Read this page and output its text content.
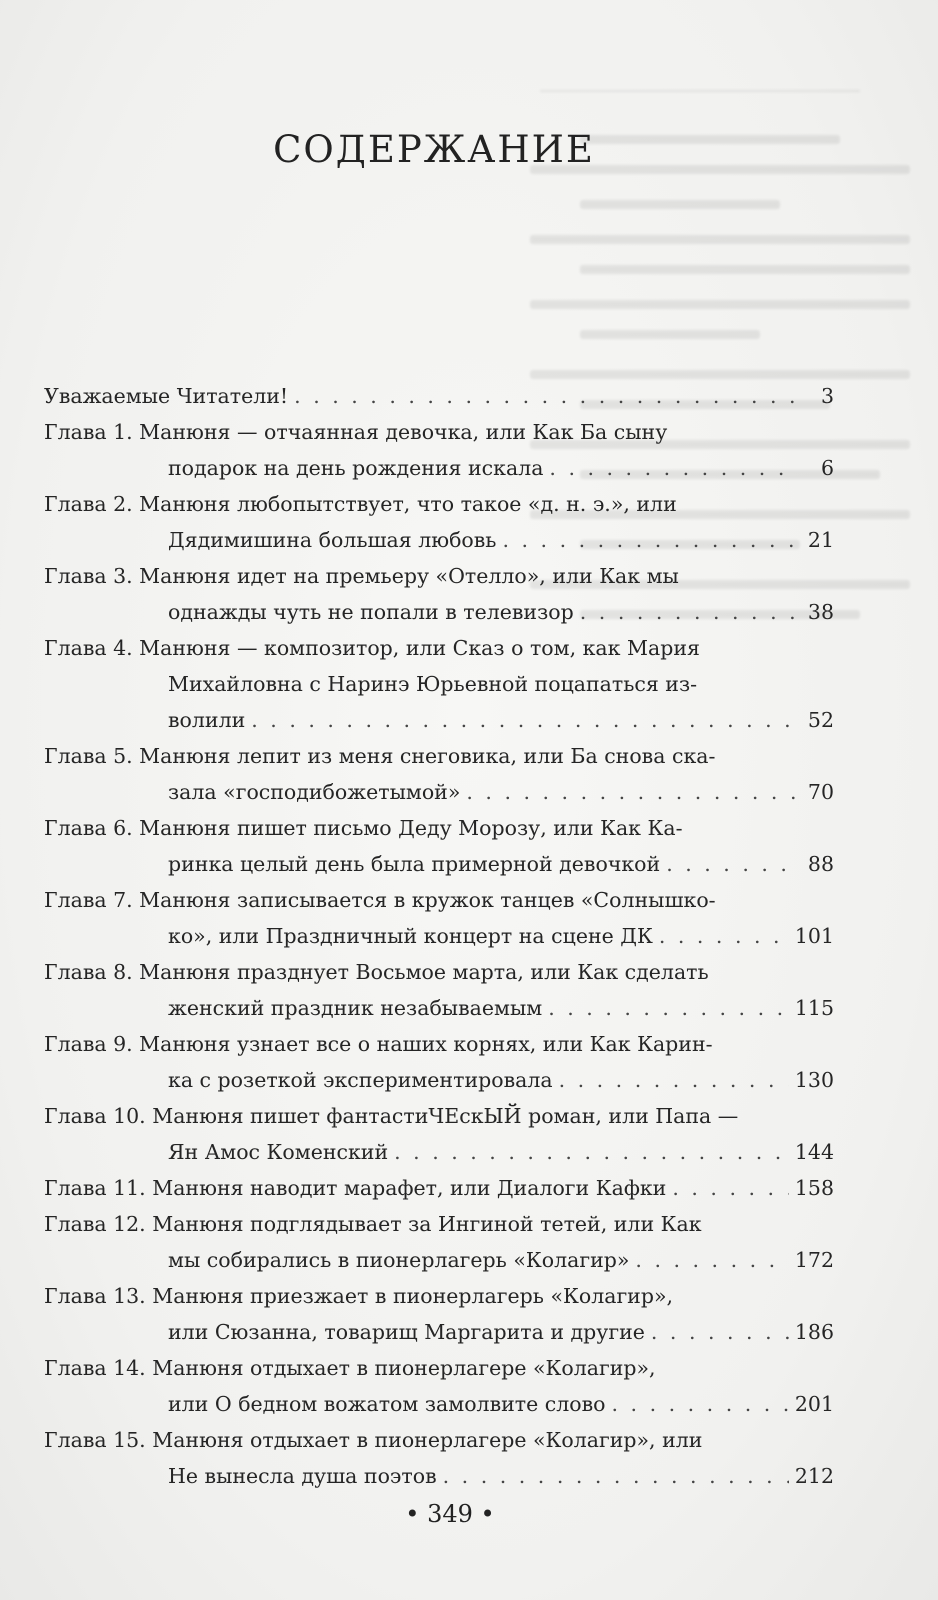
СОДЕРЖАНИЕ
Уважаемые Читатели! . . .	3
Глава 1. Манюня — отчаянная девочка, или Как Ба сыну
подарок на день рождения искала . . .	6
Глава 2. Манюня любопытствует, что такое «д. н. э.», или
Дядимишина большая любовь . . .	21
Глава 3. Манюня идет на премьеру «Отелло», или Как мы
однажды чуть не попали в телевизор . . .	38
Глава 4. Манюня — композитор, или Сказ о том, как Мария
Михайловна с Наринэ Юрьевной поцапаться из-
волили . . .	52
Глава 5. Манюня лепит из меня снеговика, или Ба снова ска-
зала «господибожетымой» . . .	70
Глава 6. Манюня пишет письмо Деду Морозу, или Как Ка-
ринка целый день была примерной девочкой . . .	88
Глава 7. Манюня записывается в кружок танцев «Солнышко-
ко», или Праздничный концерт на сцене ДК . . .	101
Глава 8. Манюня празднует Восьмое марта, или Как сделать
женский праздник незабываемым . . .	115
Глава 9. Манюня узнает все о наших корнях, или Как Карин-
ка с розеткой экспериментировала . . .	130
Глава 10. Манюня пишет фантастиЧЕскЫЙ роман, или Папа —
Ян Амос Коменский . . .	144
Глава 11. Манюня наводит марафет, или Диалоги Кафки . . .	158
Глава 12. Манюня подглядывает за Ингиной тетей, или Как
мы собирались в пионерлагерь «Колагир» . . .	172
Глава 13. Манюня приезжает в пионерлагерь «Колагир»,
или Сюзанна, товарищ Маргарита и другие . . .	186
Глава 14. Манюня отдыхает в пионерлагере «Колагир»,
или О бедном вожатом замолвите слово . . .	201
Глава 15. Манюня отдыхает в пионерлагере «Колагир», или
Не вынесла душа поэтов . . .	212
• 349 •
